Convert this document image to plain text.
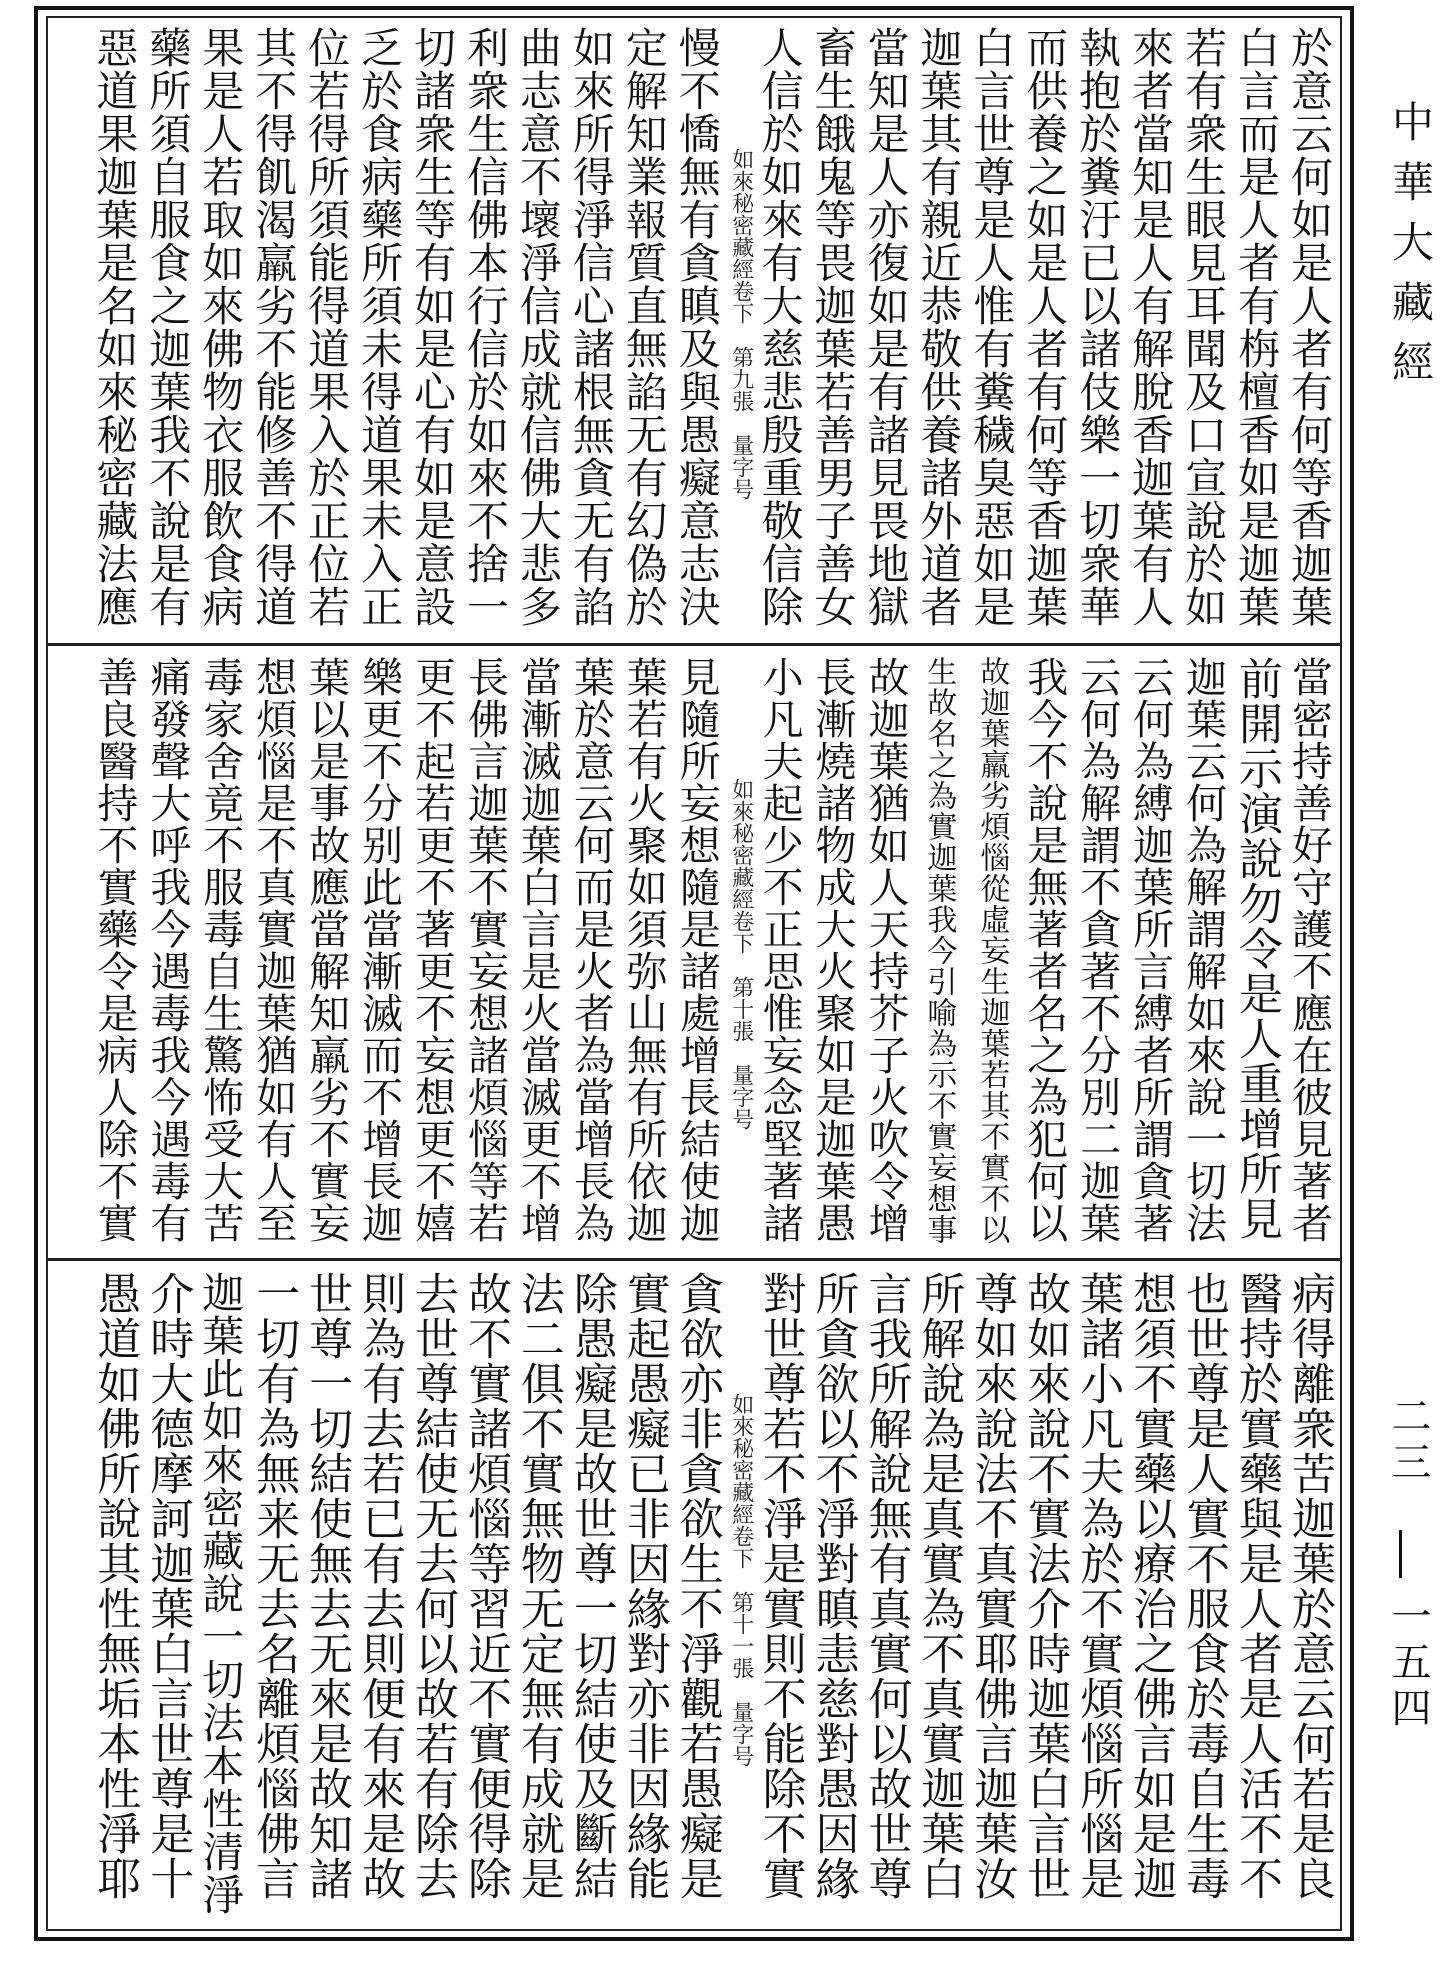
於意云何如是人者有何等香迦葉
白言而是人者有栴檀香如是迦葉
若有衆生眼見耳聞及口宣說於如
來者當知是人有解脫香迦葉有人
執抱於糞汙已以諸伎樂一切衆華
而供養之如是人者有何等香迦葉
白言世尊是人惟有糞穢臭惡如是
迦葉其有親近恭敬供養諸外道者
當知是人亦復如是有諸見畏地獄
畜生餓鬼等畏迦葉若善男子善女
人信於如來有大慈悲殷重敬信除
慢不憍無有貪瞋及與愚癡意志決
定解知業報質直無諂无有幻偽於
如來所得淨信心諸根無貪无有諂
曲志意不壞淨信成就信佛大悲多
利衆生信佛本行信於如來不捨一
切諸衆生等有如是心有如是意設
乏於食病藥所須未得道果未入正
位若得所須能得道果入於正位若
其不得飢渴羸劣不能修善不得道
果是人若取如來佛物衣服飲食病
藥所須自服食之迦葉我不說是有
惡道果迦葉是名如來秘密藏法應	如來秘密藏經卷下　第九張　量字号
當密持善好守護不應在彼見著者
前開示演說勿令是人重增所見
迦葉云何為解謂解如來說一切法
云何為縛迦葉所言縛者所謂貪著
云何為解謂不貪著不分別二迦葉
我今不說是無著者名之為犯何以
故迦葉羸劣煩惱從虛妄生迦葉若其不實不以
生故名之為實迦葉我今引喻為示不實妄想事
故迦葉猶如人天持芥子火吹令增
長漸燒諸物成大火聚如是迦葉愚
小凡夫起少不正思惟妄念堅著諸
見隨所妄想隨是諸處增長結使迦
葉若有火聚如須弥山無有所依迦
葉於意云何而是火者為當增長為
當漸滅迦葉白言是火當滅更不增
長佛言迦葉不實妄想諸煩惱等若
更不起若更不著更不妄想更不嬉
樂更不分别此當漸滅而不增長迦
葉以是事故應當解知羸劣不實妄
想煩惱是不真實迦葉猶如有人至
毒家舍竟不服毒自生驚怖受大苦
痛發聲大呼我今遇毒我今遇毒有
善良醫持不實藥令是病人除不實	如來秘密藏經卷下　第十張　量字号
病得離衆苦迦葉於意云何若是良
醫持於實藥與是人者是人活不不
也世尊是人實不服食於毒自生毒
想須不實藥以療治之佛言如是迦
葉諸小凡夫為於不實煩惱所惱是
故如來說不實法介時迦葉白言世
尊如來說法不真實耶佛言迦葉汝
所解說為是真實為不真實迦葉白
言我所解說無有真實何以故世尊
所貪欲以不淨對瞋恚慈對愚因緣
對世尊若不淨是實則不能除不實
貪欲亦非貪欲生不淨觀若愚癡是
實起愚癡已非因緣對亦非因緣能
除愚癡是故世尊一切結使及斷結
法二俱不實無物无定無有成就是
故不實諸煩惱等習近不實便得除
去世尊結使无去何以故若有除去
則為有去若已有去則便有來是故
世尊一切結使無去无來是故知諸
一切有為無来无去名離煩惱佛言
迦葉此如來密藏說一切法本性清淨
介時大德摩訶迦葉白言世尊是十
愚道如佛所說其性無垢本性淨耶	如來秘密藏經卷下　第十一張　量字号
中華大藏經
二三
一五四
